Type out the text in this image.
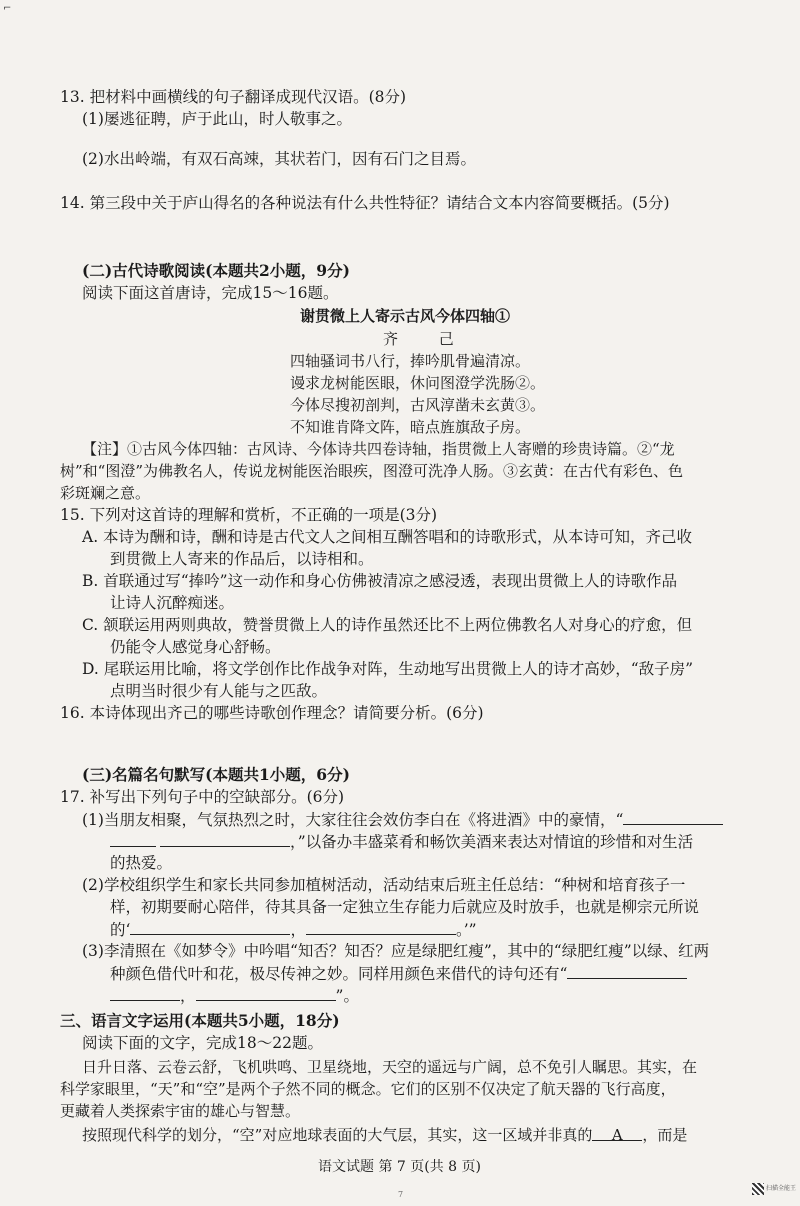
⌐
13. 把材料中画横线的句子翻译成现代汉语。(8分)
(1)屡逃征聘，庐于此山，时人敬事之。
(2)水出岭端，有双石高竦，其状若门，因有石门之目焉。
14. 第三段中关于庐山得名的各种说法有什么共性特征？请结合文本内容简要概括。(5分)
(二)古代诗歌阅读(本题共2小题，9分)
阅读下面这首唐诗，完成15～16题。
谢贯微上人寄示古风今体四轴①
齐 己
四轴骚词书八行，捧吟肌骨遍清凉。
谩求龙树能医眼，休问图澄学洗肠②。
今体尽搜初剖判，古风淳凿未玄黄③。
不知谁肯降文阵，暗点旌旗敌子房。
【注】①古风今体四轴：古风诗、今体诗共四卷诗轴，指贯微上人寄赠的珍贵诗篇。②“龙
树”和“图澄”为佛教名人，传说龙树能医治眼疾，图澄可洗净人肠。③玄黄：在古代有彩色、色
彩斑斓之意。
15. 下列对这首诗的理解和赏析，不正确的一项是(3分)
A. 本诗为酬和诗，酬和诗是古代文人之间相互酬答唱和的诗歌形式，从本诗可知，齐己收
到贯微上人寄来的作品后，以诗相和。
B. 首联通过写“捧吟”这一动作和身心仿佛被清凉之感浸透，表现出贯微上人的诗歌作品
让诗人沉醉痴迷。
C. 颔联运用两则典故，赞誉贯微上人的诗作虽然还比不上两位佛教名人对身心的疗愈，但
仍能令人感觉身心舒畅。
D. 尾联运用比喻，将文学创作比作战争对阵，生动地写出贯微上人的诗才高妙，“敌子房”
点明当时很少有人能与之匹敌。
16. 本诗体现出齐己的哪些诗歌创作理念？请简要分析。(6分)
(三)名篇名句默写(本题共1小题，6分)
17. 补写出下列句子中的空缺部分。(6分)
(1)当朋友相聚，气氛热烈之时，大家往往会效仿李白在《将进酒》中的豪情，“
，”以备办丰盛菜肴和畅饮美酒来表达对情谊的珍惜和对生活
的热爱。
(2)学校组织学生和家长共同参加植树活动，活动结束后班主任总结：“种树和培育孩子一
样，初期要耐心陪伴，待其具备一定独立生存能力后就应及时放手，也就是柳宗元所说
的‘	，	。’”
(3)李清照在《如梦令》中吟唱“知否？知否？应是绿肥红瘦”，其中的“绿肥红瘦”以绿、红两
种颜色借代叶和花，极尽传神之妙。同样用颜色来借代的诗句还有“
，	”。
三、语言文字运用(本题共5小题，18分)
阅读下面的文字，完成18～22题。
日升日落、云卷云舒，飞机哄鸣、卫星绕地，天空的遥远与广阔，总不免引人瞩思。其实，在
科学家眼里，“天”和“空”是两个子然不同的概念。它们的区别不仅决定了航天器的飞行高度，
更藏着人类探索宇宙的雄心与智慧。
按照现代科学的划分，“空”对应地球表面的大气层，其实，这一区域并非真的 A ，而是
语文试题 第 7 页(共 8 页)
7
扫描全能王
